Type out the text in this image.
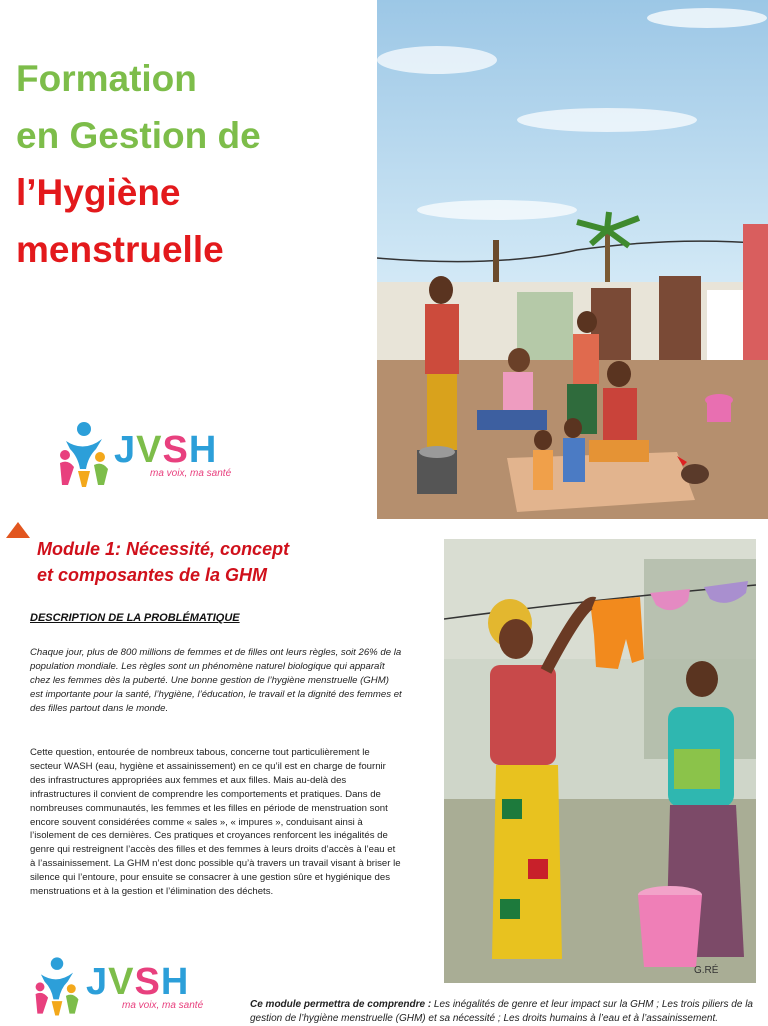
Formation
en Gestion de
l’Hygiène
menstruelle
JVSH
ma voix, ma santé
Module 1: Nécessité, concept
et composantes de la GHM
DESCRIPTION DE LA PROBLÉMATIQUE
Chaque jour, plus de 800 millions de femmes et de filles ont leurs règles, soit 26% de la population mondiale. Les règles sont un phénomène naturel biologique qui apparaît chez les femmes dès la puberté. Une bonne gestion de l’hygiène menstruelle (GHM) est importante pour la santé, l’hygiène, l’éducation, le travail et la dignité des femmes et des filles partout dans le monde.
Cette question, entourée de nombreux tabous, concerne tout particulièrement le secteur WASH (eau, hygiène et assainissement) en ce qu’il est en charge de fournir des infrastructures appropriées aux femmes et aux filles. Mais au-delà des infrastructures il convient de comprendre les comportements et pratiques. Dans de nombreuses communautés, les femmes et les filles en période de menstruation sont encore souvent considérées comme « sales », « impures », conduisant ainsi à l’isolement de ces dernières. Ces pratiques et croyances renforcent les inégalités de genre qui restreignent l’accès des filles et des femmes à leurs droits d’accès à l’eau et à l’assainissement. La GHM n’est donc possible qu’à travers un travail visant à briser le silence qui l’entoure, pour ensuite se consacrer à une gestion sûre et hygiénique des menstruations et à la gestion et l’élimination des déchets.
G.RÉ
JVSH
ma voix, ma santé	Ce module permettra de comprendre : Les inégalités de genre et leur impact sur la GHM ; Les trois piliers de la gestion de l’hygiène menstruelle (GHM) et sa nécessité ; Les droits humains à l’eau et à l’assainissement.
